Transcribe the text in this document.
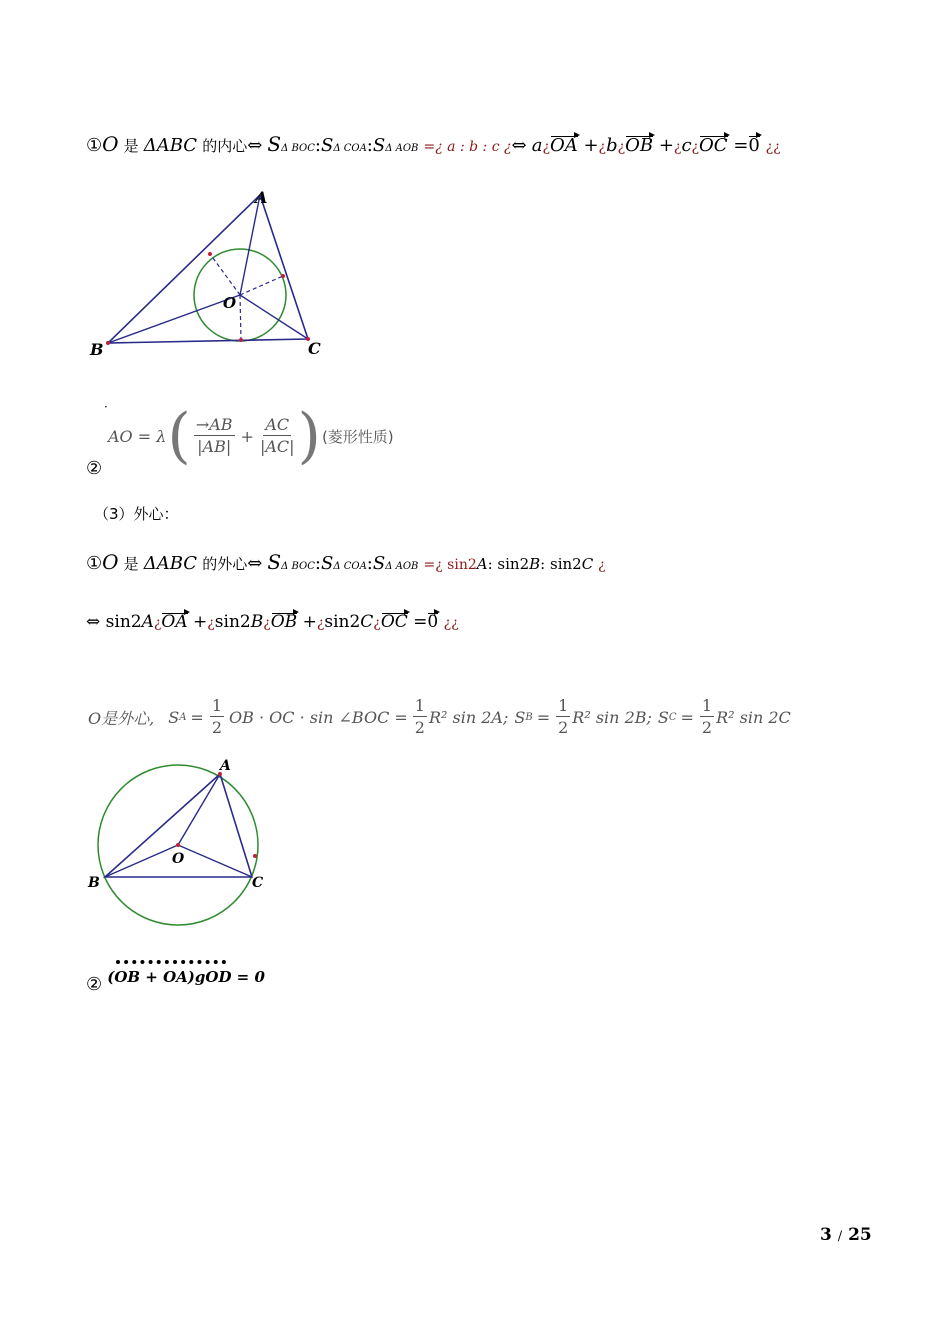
①O 是 ΔABC 的内心⇔ SΔ BOC:SΔ COA:SΔ AOB =¿ a : b : c ¿⇔ a¿OA +¿b¿OB +¿c¿OC =0 ¿¿
A
B	C
O
·
AO = λ ( $\frac{\to AB}{|AB|} + \frac{AC}{|AC|}$ ) (菱形性质)
②
（3）外心：
①O 是 ΔABC 的外心⇔ SΔ BOC:SΔ COA:SΔ AOB =¿ sin2A: sin2B: sin2C ¿
⇔ sin2A¿OA +¿sin2B¿OB +¿sin2C¿OC =0 ¿¿
O是外心, S $A = \frac{1}{2}$ OB · OC · sin ∠BOC = $\frac{1}{2} R^2$ sin 2A; S $B = \frac{1}{2} R^2$ sin 2B; S $C = \frac{1}{2} R^2$ sin 2C
A
B	C
O
② (OB + OA)gOD = 0
3 / 25
